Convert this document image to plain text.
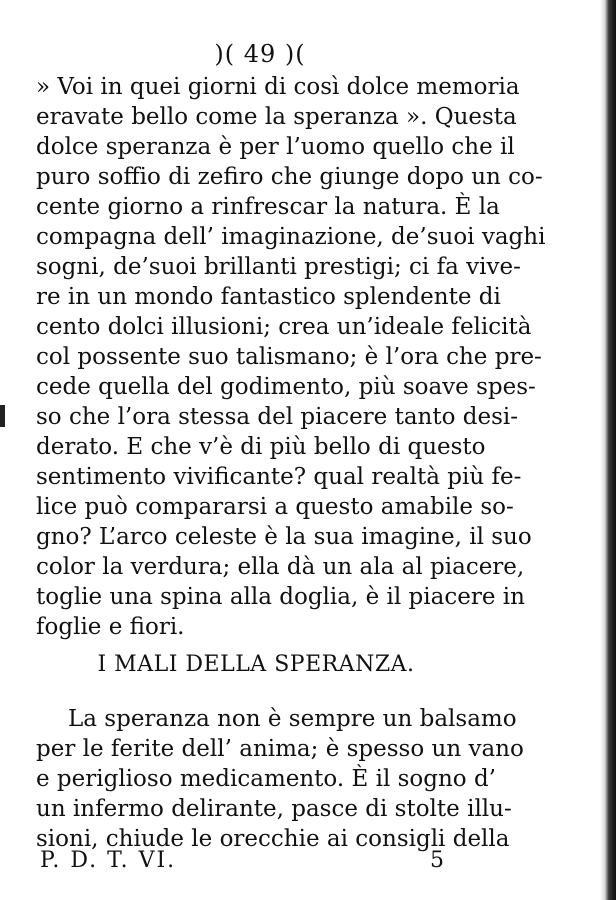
)( 49 )(
» Voi in quei giorni di così dolce memoria
eravate bello come la speranza ». Questa
dolce speranza è per l’uomo quello che il
puro soffio di zefiro che giunge dopo un co-
cente giorno a rinfrescar la natura. È la
compagna dell’ imaginazione, de’suoi vaghi
sogni, de’suoi brillanti prestigi; ci fa vive-
re in un mondo fantastico splendente di
cento dolci illusioni; crea un’ideale felicità
col possente suo talismano; è l’ora che pre-
cede quella del godimento, più soave spes-
so che l’ora stessa del piacere tanto desi-
derato. E che v’è di più bello di questo
sentimento vivificante? qual realtà più fe-
lice può compararsi a questo amabile so-
gno? L’arco celeste è la sua imagine, il suo
color la verdura; ella dà un ala al piacere,
toglie una spina alla doglia, è il piacere in
foglie e fiori.
I MALI DELLA SPERANZA.
La speranza non è sempre un balsamo
per le ferite dell’ anima; è spesso un vano
e periglioso medicamento. È il sogno d’
un infermo delirante, pasce di stolte illu-
sioni, chiude le orecchie ai consigli della
P. D. T. VI.	5
